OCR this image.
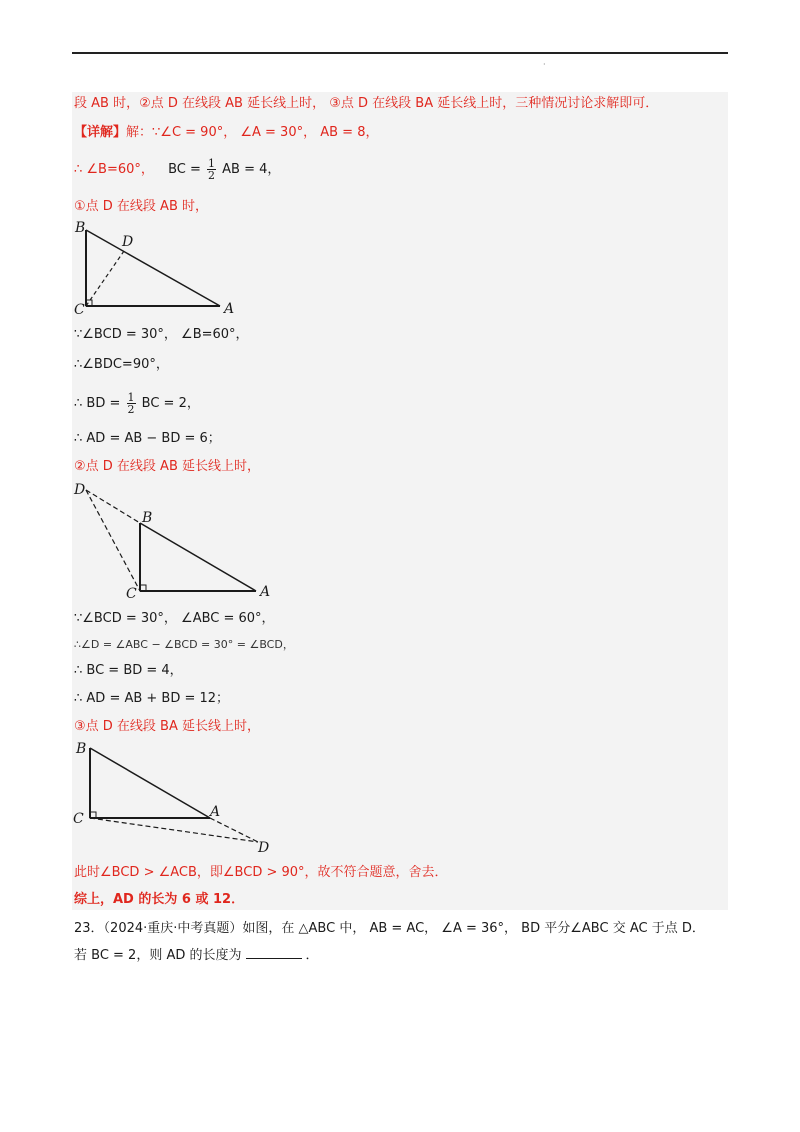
·
段 AB 时，②点 D 在线段 AB 延长线上时， ③点 D 在线段 BA 延长线上时，三种情况讨论求解即可．
【详解】解：∵∠C = 90°， ∠A = 30°， AB = 8，
∴ ∠B=60°， BC = $\frac{1}{2}$ AB = 4，
①点 D 在线段 AB 时，
B
D
C	A
∵∠BCD = 30°， ∠B=60°，
∴∠BDC=90°，
∴ BD = $\frac{1}{2}$ BC = 2，
∴ AD = AB − BD = 6；
②点 D 在线段 AB 延长线上时，
D
B
C	A
∵∠BCD = 30°， ∠ABC = 60°，
∴∠D = ∠ABC − ∠BCD = 30° = ∠BCD，
∴ BC = BD = 4，
∴ AD = AB + BD = 12；
③点 D 在线段 BA 延长线上时，
B
C	A
D
此时∠BCD > ∠ACB，即∠BCD > 90°，故不符合题意，舍去．
综上，AD 的长为 6 或 12．
23．（2024·重庆·中考真题）如图，在 △ABC 中， AB = AC， ∠A = 36°， BD 平分∠ABC 交 AC 于点 D．
若 BC = 2，则 AD 的长度为	．
